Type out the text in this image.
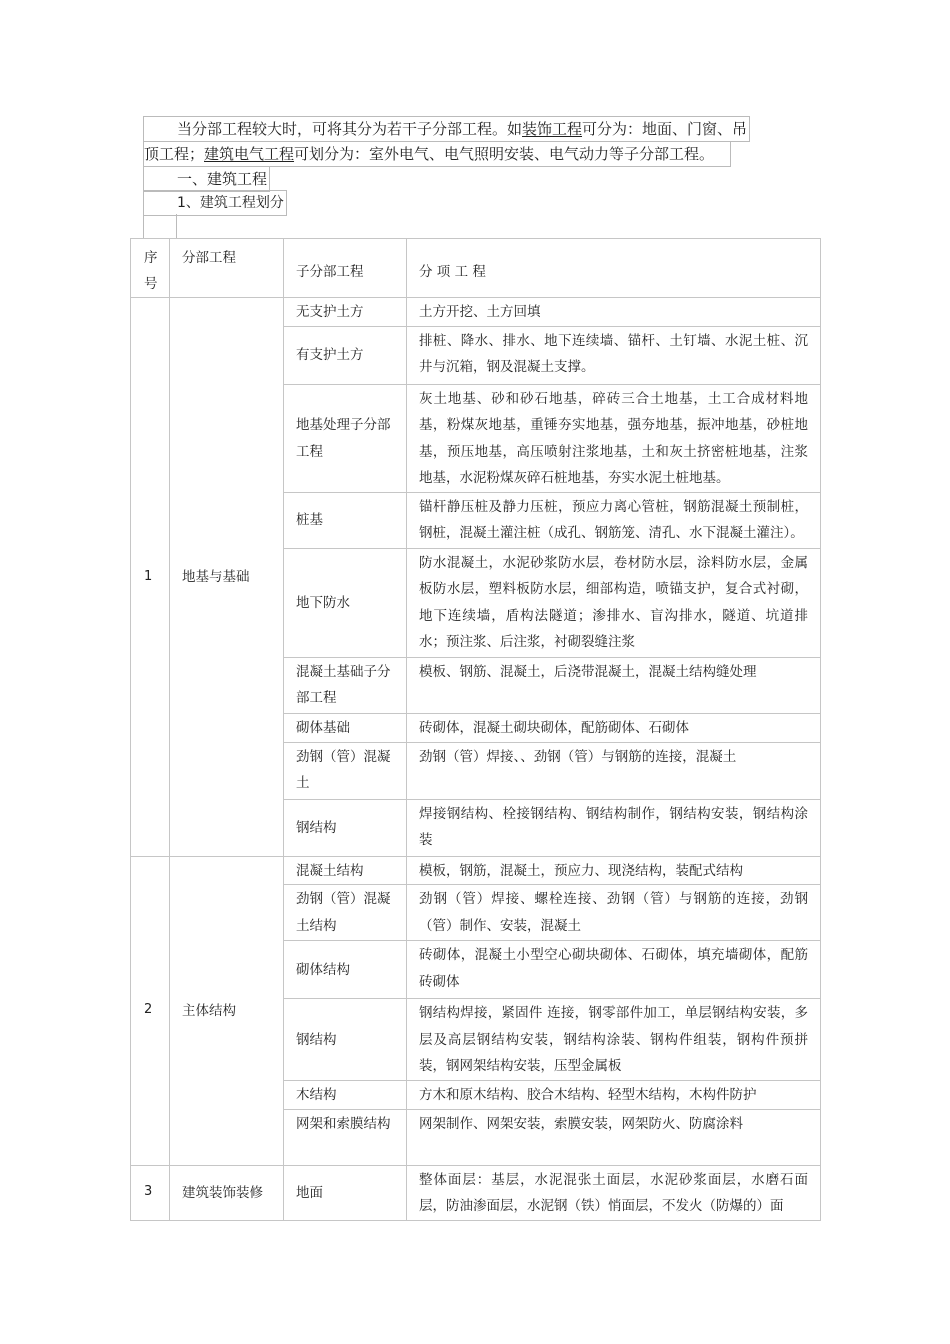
当分部工程较大时，可将其分为若干子分部工程。如装饰工程可分为：地面、门窗、吊
顶工程；建筑电气工程可划分为：室外电气、电气照明安装、电气动力等子分部工程。
一、建筑工程
1、建筑工程划分
序号	分部工程	子分部工程	分 项 工 程
1	地基与基础	无支护土方	土方开挖、土方回填
		有支护土方	排桩、降水、排水、地下连续墙、锚杆、土钉墙、水泥土桩、沉井与沉箱，钢及混凝土支撑。
		地基处理子分部工程	灰土地基、砂和砂石地基，碎砖三合土地基，土工合成材料地基，粉煤灰地基，重锤夯实地基，强夯地基，振冲地基，砂桩地基，预压地基，高压喷射注浆地基，土和灰土挤密桩地基，注浆地基，水泥粉煤灰碎石桩地基，夯实水泥土桩地基。
		桩基	锚杆静压桩及静力压桩，预应力离心管桩，钢筋混凝土预制桩，钢桩，混凝土灌注桩（成孔、钢筋笼、清孔、水下混凝土灌注）。
		地下防水	防水混凝土，水泥砂浆防水层，卷材防水层，涂料防水层，金属板防水层，塑料板防水层，细部构造，喷锚支护，复合式衬砌，地下连续墙，盾构法隧道；渗排水、盲沟排水，隧道、坑道排水；预注浆、后注浆，衬砌裂缝注浆
		混凝土基础子分部工程	模板、钢筋、混凝土，后浇带混凝土，混凝土结构缝处理
		砌体基础	砖砌体，混凝土砌块砌体，配筋砌体、石砌体
		劲钢（管）混凝土	劲钢（管）焊接、、劲钢（管）与钢筋的连接，混凝土
		钢结构	焊接钢结构、栓接钢结构、钢结构制作，钢结构安装，钢结构涂装
2	主体结构	混凝土结构	模板，钢筋，混凝土，预应力、现浇结构，装配式结构
		劲钢（管）混凝土结构	劲钢（管）焊接、螺栓连接、劲钢（管）与钢筋的连接，劲钢（管）制作、安装，混凝土
		砌体结构	砖砌体，混凝土小型空心砌块砌体、石砌体，填充墙砌体，配筋砖砌体
		钢结构	钢结构焊接，紧固件 连接，钢零部件加工，单层钢结构安装，多层及高层钢结构安装，钢结构涂装、钢构件组装，钢构件预拼装，钢网架结构安装，压型金属板
		木结构	方木和原木结构、胶合木结构、轻型木结构，木构件防护
		网架和索膜结构	网架制作、网架安装，索膜安装，网架防火、防腐涂料
3	建筑装饰装修	地面	整体面层：基层，水泥混张土面层，水泥砂浆面层，水磨石面层，防油渗面层，水泥钢（铁）悄面层，不发火（防爆的）面
